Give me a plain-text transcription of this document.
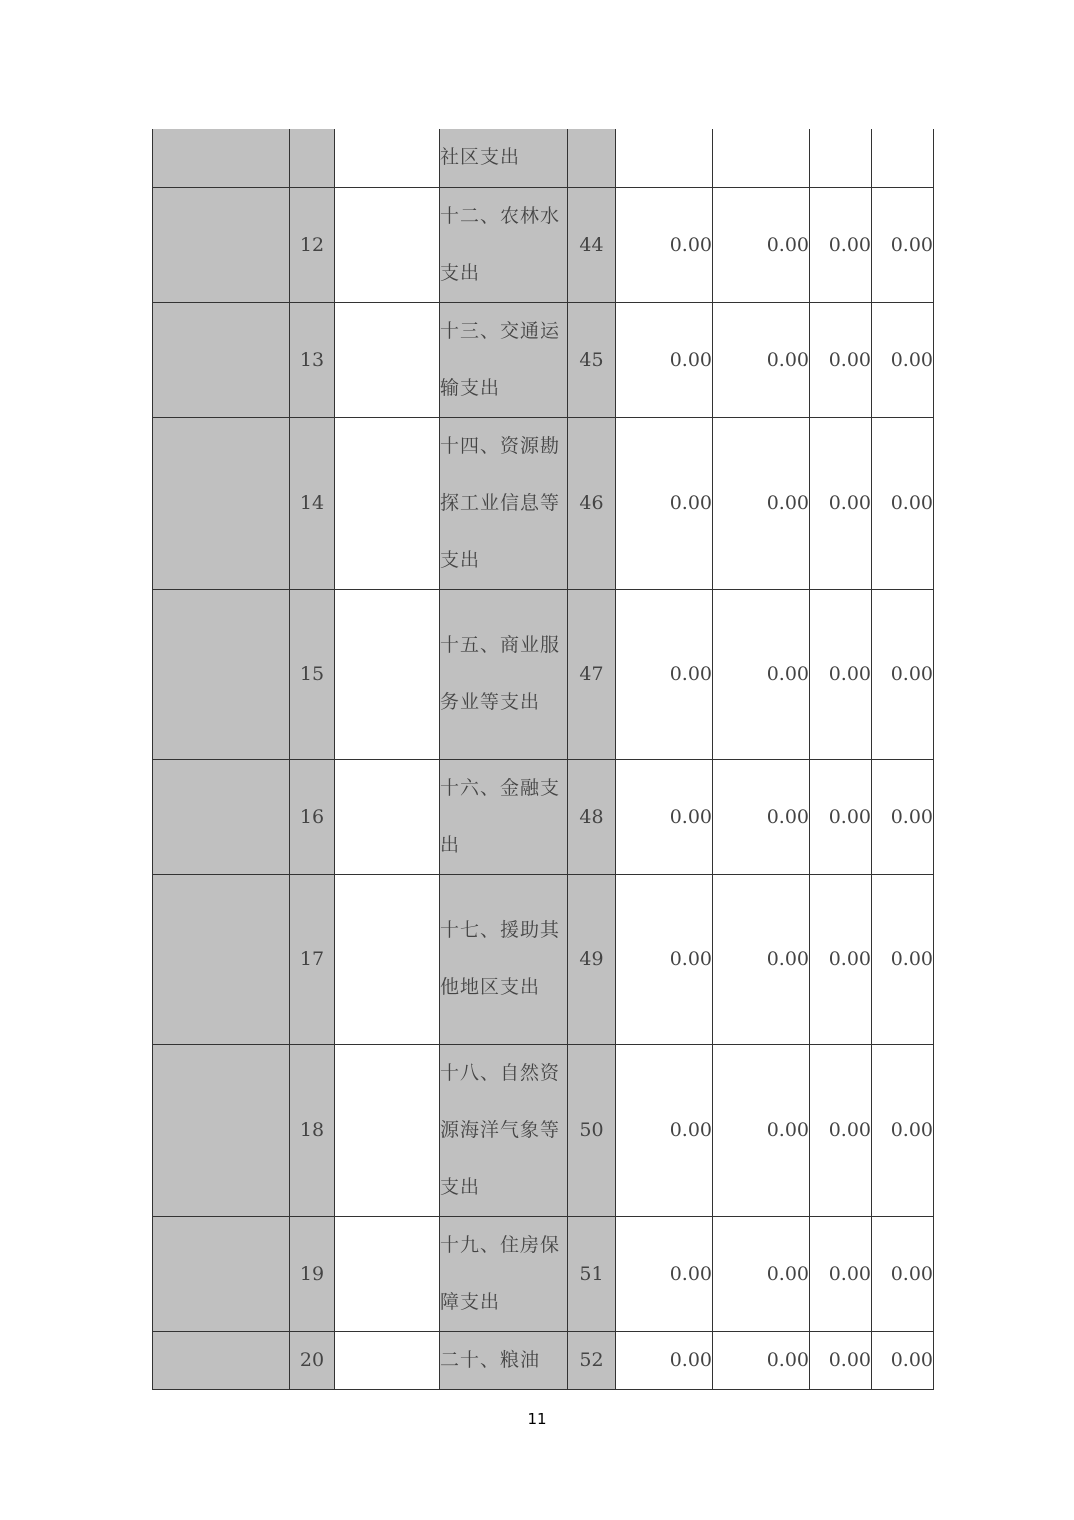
			社区支出					
	12		十二、农林水支出	44	0.00	0.00	0.00	0.00
	13		十三、交通运输支出	45	0.00	0.00	0.00	0.00
	14		十四、资源勘探工业信息等支出	46	0.00	0.00	0.00	0.00
	15		十五、商业服务业等支出	47	0.00	0.00	0.00	0.00
	16		十六、金融支出	48	0.00	0.00	0.00	0.00
	17		十七、援助其他地区支出	49	0.00	0.00	0.00	0.00
	18		十八、自然资源海洋气象等支出	50	0.00	0.00	0.00	0.00
	19		十九、住房保障支出	51	0.00	0.00	0.00	0.00
	20		二十、粮油	52	0.00	0.00	0.00	0.00
11
